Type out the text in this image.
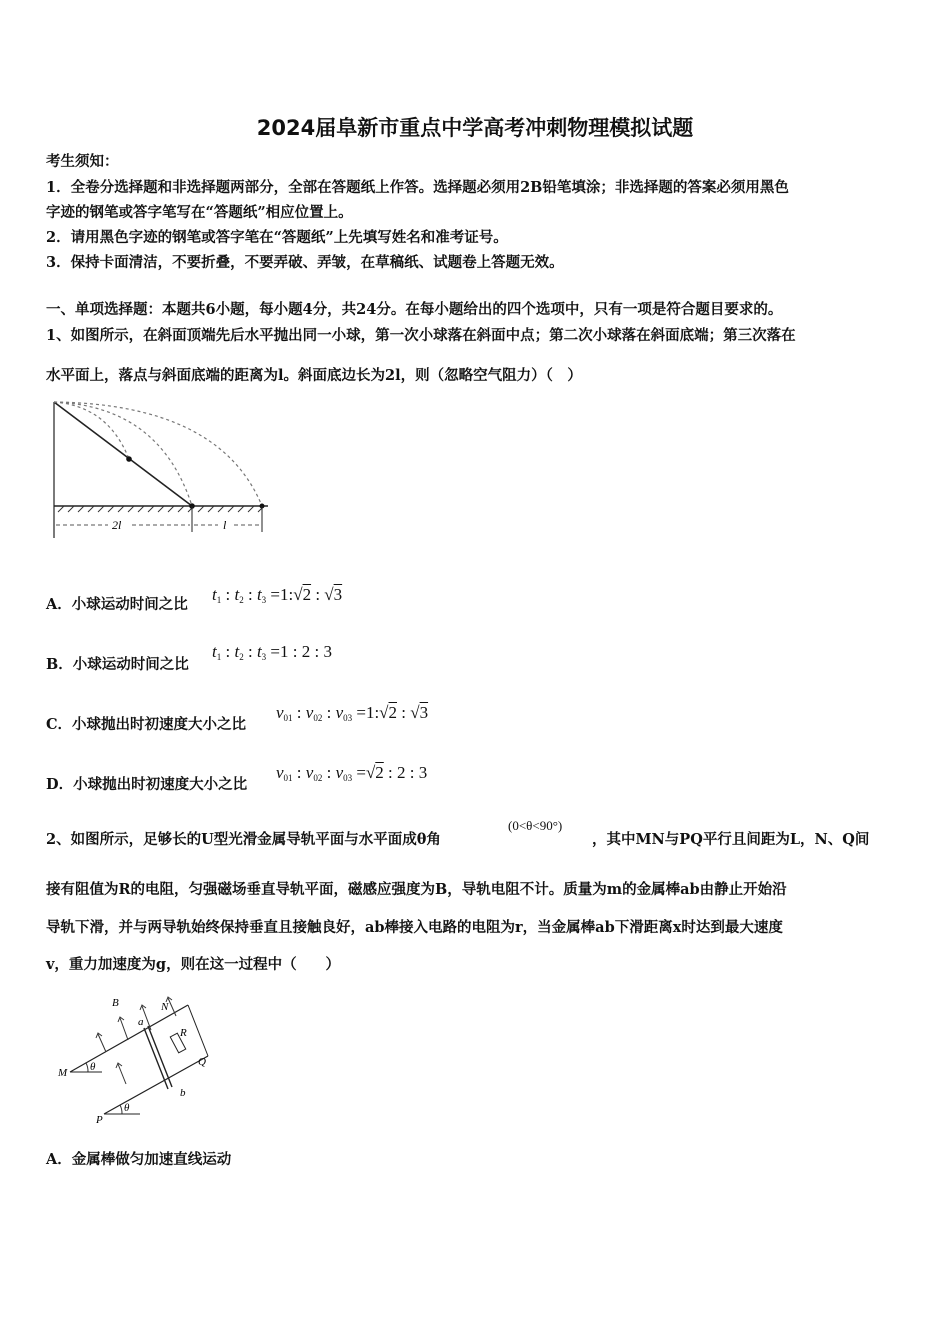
2024届阜新市重点中学高考冲刺物理模拟试题
考生须知：
1．全卷分选择题和非选择题两部分，全部在答题纸上作答。选择题必须用2B铅笔填涂；非选择题的答案必须用黑色
字迹的钢笔或答字笔写在“答题纸”相应位置上。
2．请用黑色字迹的钢笔或答字笔在“答题纸”上先填写姓名和准考证号。
3．保持卡面清洁，不要折叠，不要弄破、弄皱，在草稿纸、试题卷上答题无效。
一、单项选择题：本题共6小题，每小题4分，共24分。在每小题给出的四个选项中，只有一项是符合题目要求的。
1、如图所示，在斜面顶端先后水平抛出同一小球，第一次小球落在斜面中点；第二次小球落在斜面底端；第三次落在
水平面上，落点与斜面底端的距离为l。斜面底边长为2l，则（忽略空气阻力）（　）
2l	l
A．小球运动时间之比
$t_1$ : $t_2$ : $t_3$ =1:√2 : √3
B．小球运动时间之比
$t_1$ : $t_2$ : $t_3 =1$ : 2 : 3
C．小球抛出时初速度大小之比
$v_{01}$ : $v_{02}$ : $v_{03}$ =1:√2 : √3
D．小球抛出时初速度大小之比
$v_{01}$ : $v_{02}$ : $v_{03} =√2$ : 2 : 3
2、如图所示，足够长的U型光滑金属导轨平面与水平面成θ角
(0<θ<90°)
，其中MN与PQ平行且间距为L，N、Q间
接有阻值为R的电阻，匀强磁场垂直导轨平面，磁感应强度为B，导轨电阻不计。质量为m的金属棒ab由静止开始沿
导轨下滑，并与两导轨始终保持垂直且接触良好，ab棒接入电路的电阻为r，当金属棒ab下滑距离x时达到最大速度
v，重力加速度为g，则在这一过程中（　　）
B
a
N
R
Q
M θ
b
P
θ
A．金属棒做匀加速直线运动
